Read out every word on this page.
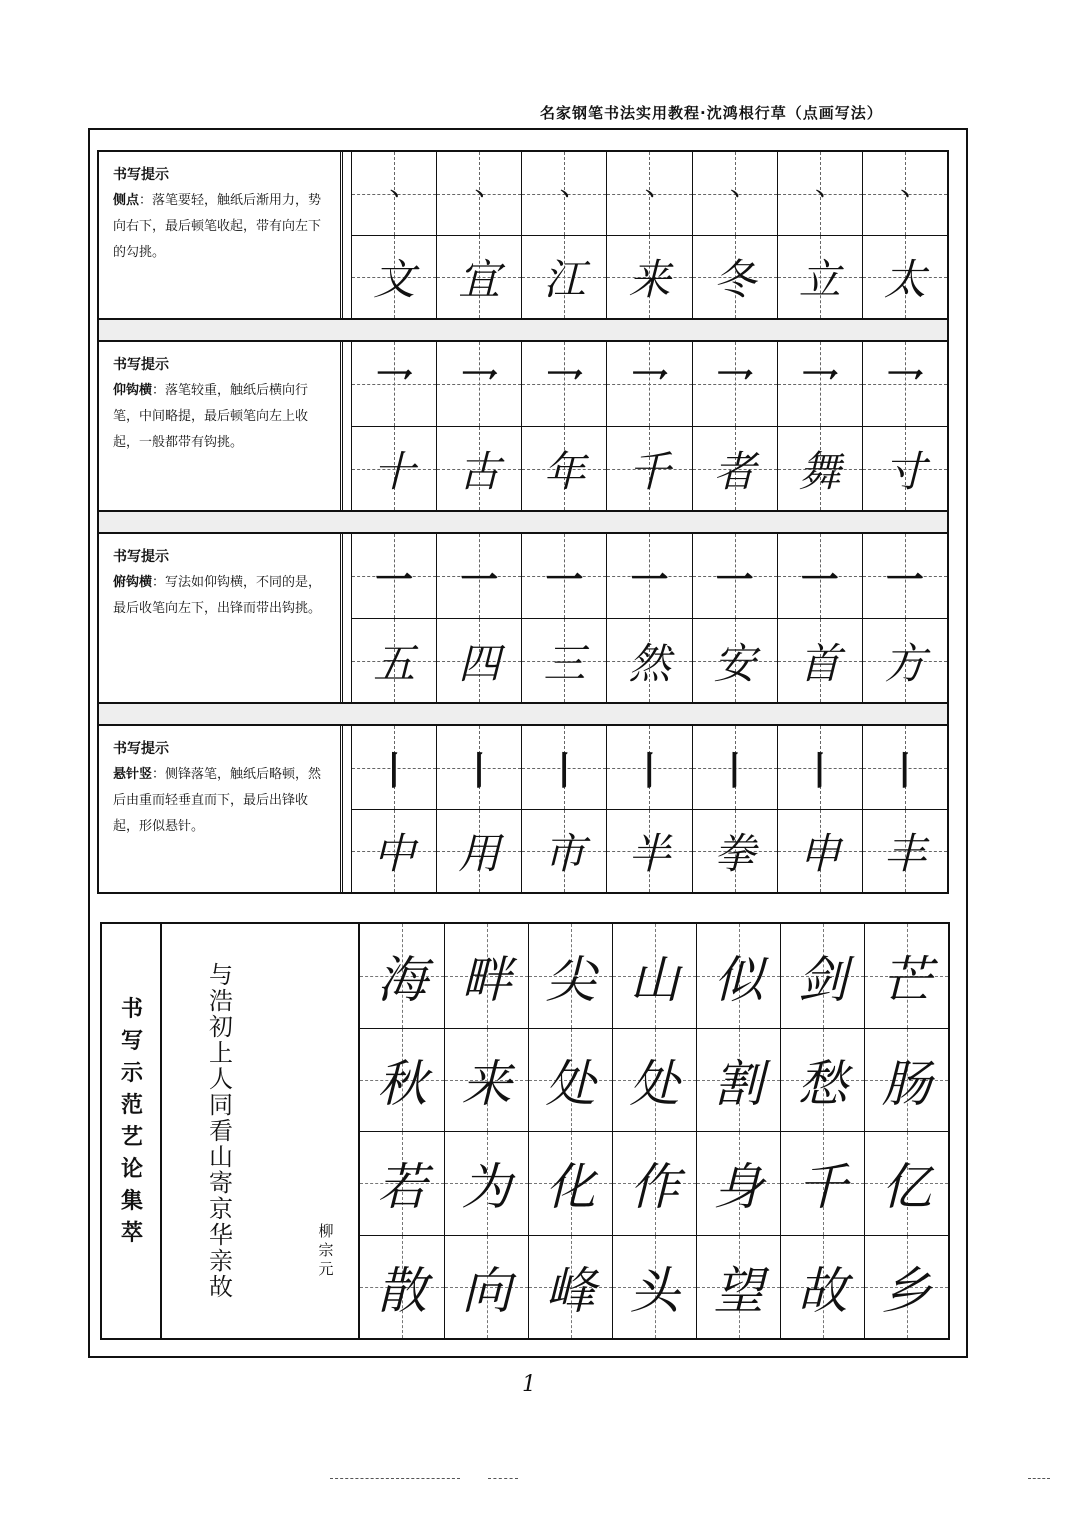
名家钢笔书法实用教程·沈鸿根行草（点画写法）
书写提示
侧点：落笔要轻，触纸后渐用力，势向右下，最后顿笔收起，带有向左下的勾挑。
丶	丶	丶	丶	丶	丶	丶
文 宜 江 来 冬 立 太
书写提示
仰钩横：落笔较重，触纸后横向行笔，中间略提，最后顿笔向左上收起，一般都带有钩挑。
乛 乛 乛 乛 乛 乛 乛
十 古 年 千 者 舞 寸
书写提示
俯钩横：写法如仰钩横，不同的是，最后收笔向左下，出锋而带出钩挑。
一 一 一 一 一 一 一
五 四 三 然 安 首 方
书写提示
悬针竖：侧锋落笔，触纸后略顿，然后由重而轻垂直而下，最后出锋收起，形似悬针。
丨 丨 丨 丨 丨 丨 丨
中 用 市 半 拳 申 丰
书写示范 艺论集萃
与浩初上人同看山寄京华亲故
柳宗元
海 畔 尖 山 似 剑 芒
秋 来 处 处 割 愁 肠
若 为 化 作 身 千 亿
散 向 峰 头 望 故 乡
1
